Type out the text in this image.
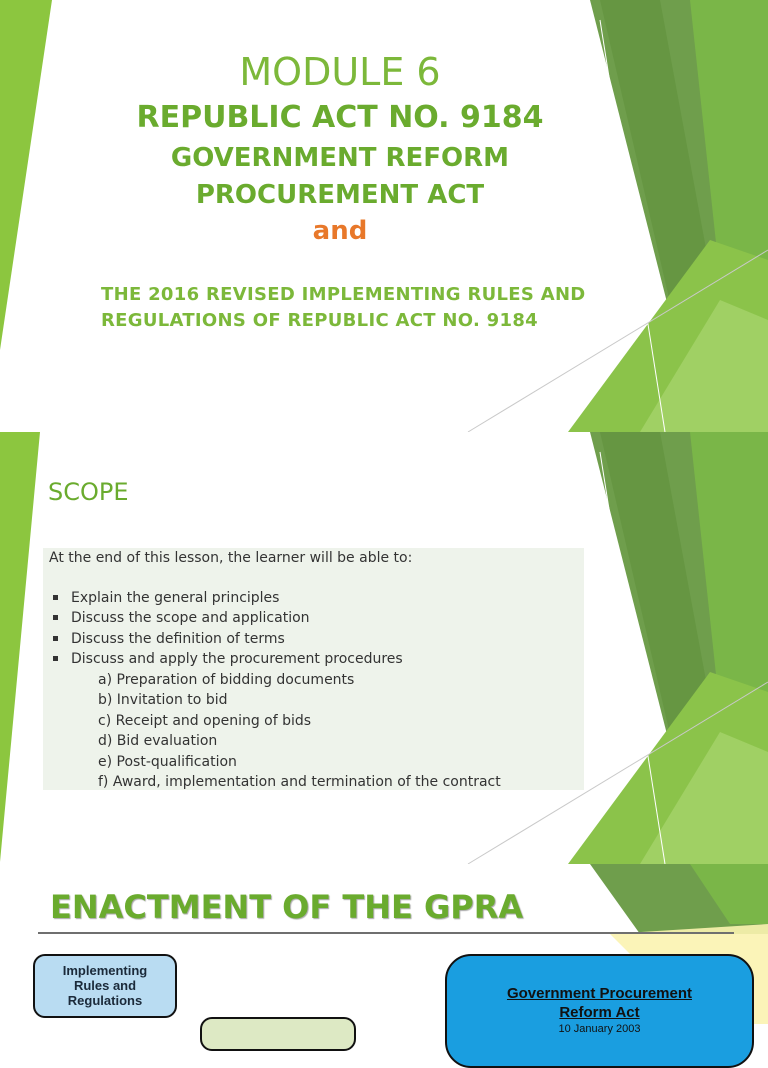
MODULE 6
REPUBLIC ACT NO. 9184
GOVERNMENT REFORM
PROCUREMENT ACT
and
THE 2016 REVISED IMPLEMENTING RULES AND
REGULATIONS OF REPUBLIC ACT NO. 9184
SCOPE
At the end of this lesson, the learner will be able to:
Explain the general principles
Discuss the scope and application
Discuss the definition of terms
Discuss and apply the procurement procedures
a) Preparation of bidding documents
b) Invitation to bid
c) Receipt and opening of bids
d) Bid evaluation
e) Post-qualification
f) Award, implementation and termination of the contract
ENACTMENT OF THE GPRA
Implementing
Rules and
Regulations	Government Procurement
Reform Act
10 January 2003
